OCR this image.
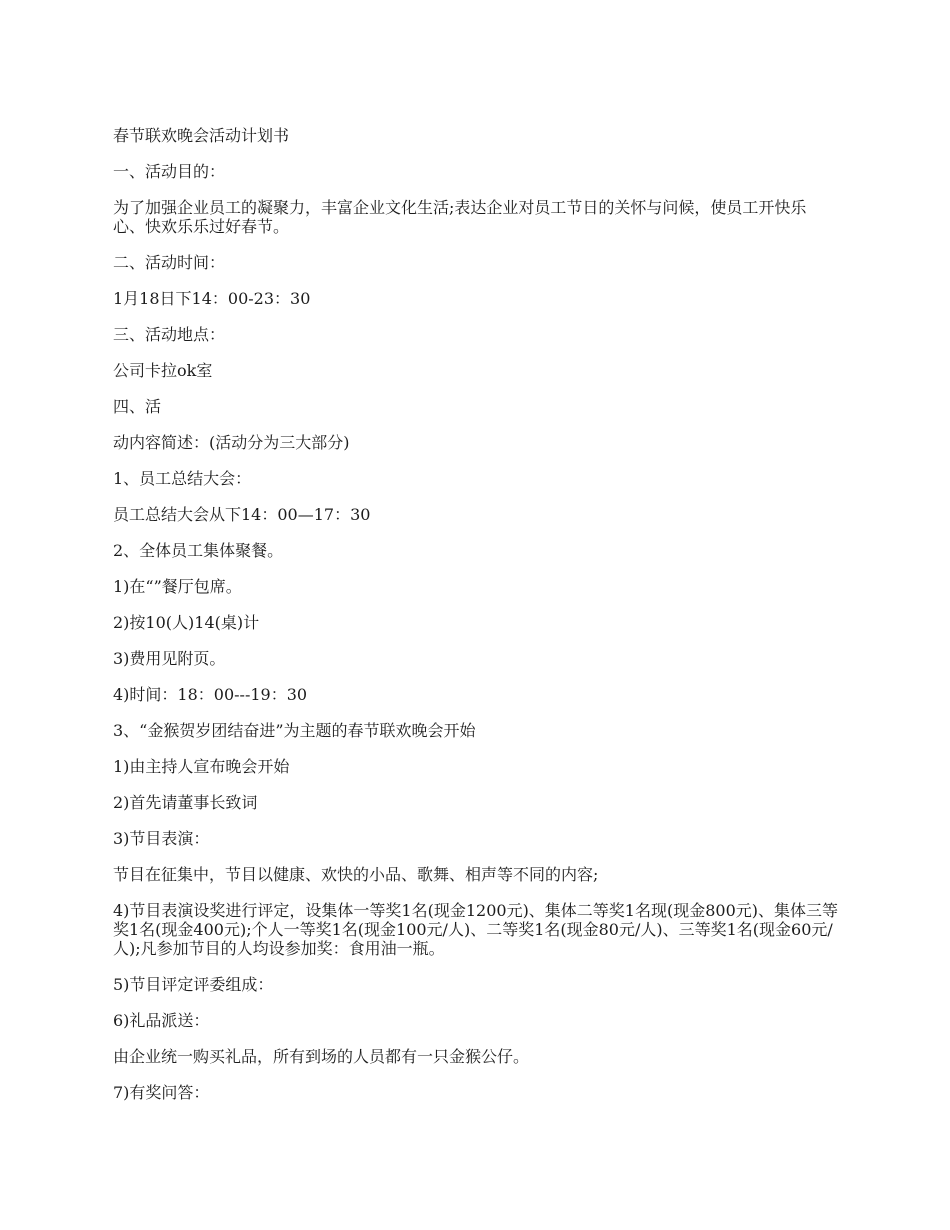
春节联欢晚会活动计划书

一、活动目的：

为了加强企业员工的凝聚力，丰富企业文化生活;表达企业对员工节日的关怀与问候，使员工开快乐心、快欢乐乐过好春节。

二、活动时间：

1月18日下14：00-23：30

三、活动地点：

公司卡拉ok室

四、活

动内容简述：(活动分为三大部分)

1、员工总结大会：

员工总结大会从下14：00—17：30

2、全体员工集体聚餐。

1)在“”餐厅包席。

2)按10(人)14(桌)计

3)费用见附页。

4)时间：18：00---19：30

3、“金猴贺岁团结奋进”为主题的春节联欢晚会开始

1)由主持人宣布晚会开始

2)首先请董事长致词

3)节目表演：

节目在征集中，节目以健康、欢快的小品、歌舞、相声等不同的内容;

4)节目表演设奖进行评定，设集体一等奖1名(现金1200元)、集体二等奖1名现(现金800元)、集体三等奖1名(现金400元);个人一等奖1名(现金100元/人)、二等奖1名(现金80元/人)、三等奖1名(现金60元/人);凡参加节目的人均设参加奖：食用油一瓶。

5)节目评定评委组成：

6)礼品派送：

由企业统一购买礼品，所有到场的人员都有一只金猴公仔。

7)有奖问答：
